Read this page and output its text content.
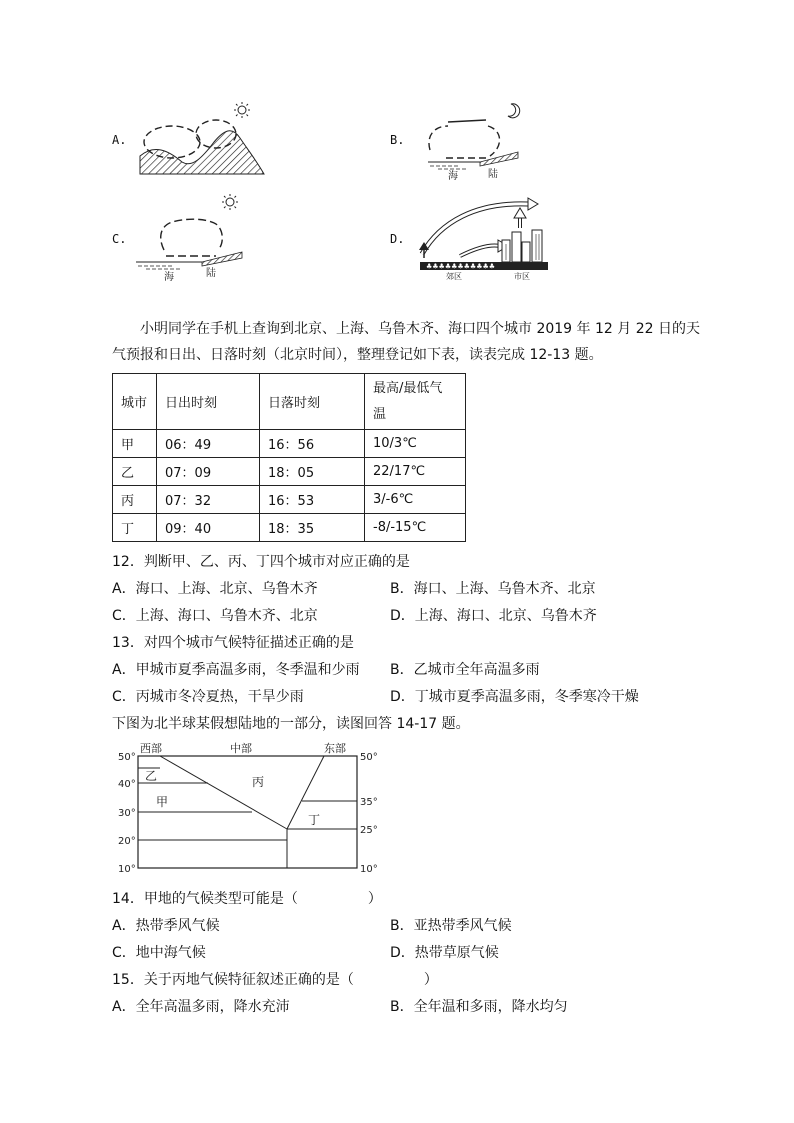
A.	B.
C.	D.
海	陆
海	陆
♣♣♣♣♣♣♣♣♣♣♣
郊区	市区
小明同学在手机上查询到北京、上海、乌鲁木齐、海口四个城市 2019 年 12 月 22 日的天
气预报和日出、日落时刻（北京时间），整理登记如下表，读表完成 12-13 题。
城市	日出时刻	日落时刻	最高/最低气
温
甲	06：49	16：56	10/3℃
乙	07：09	18：05	22/17℃
丙	07：32	16：53	3/-6℃
丁	09：40	18：35	-8/-15℃
12．判断甲、乙、丙、丁四个城市对应正确的是
A．海口、上海、北京、乌鲁木齐	B．海口、上海、乌鲁木齐、北京
C．上海、海口、乌鲁木齐、北京	D．上海、海口、北京、乌鲁木齐
13．对四个城市气候特征描述正确的是
A．甲城市夏季高温多雨，冬季温和少雨 B．乙城市全年高温多雨
C．丙城市冬冷夏热，干旱少雨	D．丁城市夏季高温多雨，冬季寒冷干燥
下图为北半球某假想陆地的一部分，读图回答 14-17 题。
西部	中部	东部
50°
40°
30°
20°
10°
50°
35°
25°
10°
乙
甲
丙
丁
14．甲地的气候类型可能是（　　　　　）
A．热带季风气候	B．亚热带季风气候
C．地中海气候	D．热带草原气候
15．关于丙地气候特征叙述正确的是（　　　　　）
A．全年高温多雨，降水充沛	B．全年温和多雨，降水均匀
